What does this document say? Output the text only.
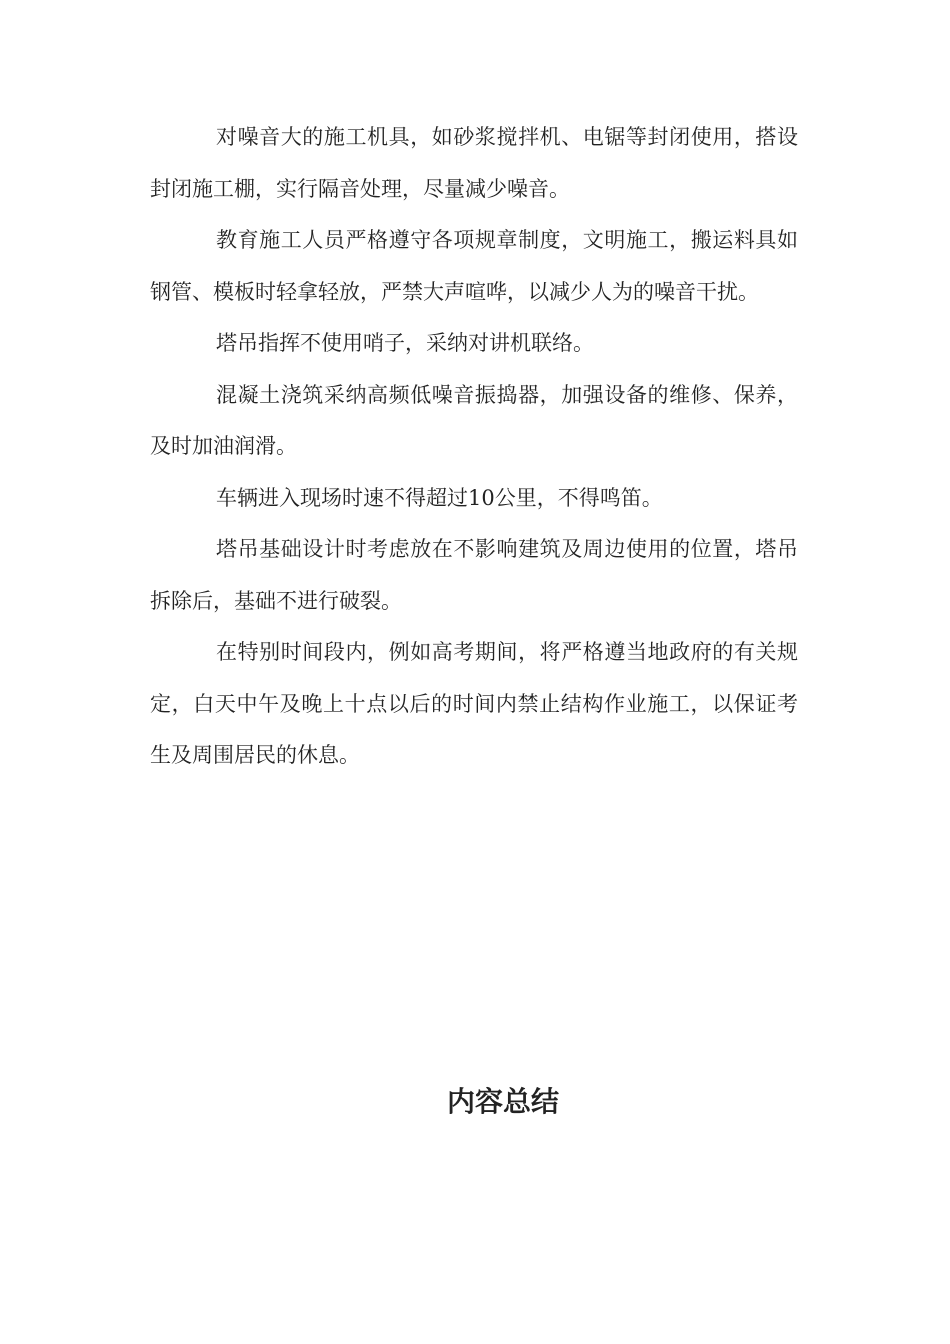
对噪音大的施工机具，如砂浆搅拌机、电锯等封闭使用，搭设封闭施工棚，实行隔音处理，尽量减少噪音。

教育施工人员严格遵守各项规章制度，文明施工，搬运料具如钢管、模板时轻拿轻放，严禁大声喧哗，以减少人为的噪音干扰。

塔吊指挥不使用哨子，采纳对讲机联络。

混凝土浇筑采纳高频低噪音振捣器，加强设备的维修、保养，及时加油润滑。

车辆进入现场时速不得超过10公里，不得鸣笛。

塔吊基础设计时考虑放在不影响建筑及周边使用的位置，塔吊拆除后，基础不进行破裂。

在特别时间段内，例如高考期间，将严格遵当地政府的有关规定，白天中午及晚上十点以后的时间内禁止结构作业施工，以保证考生及周围居民的休息。

内容总结
